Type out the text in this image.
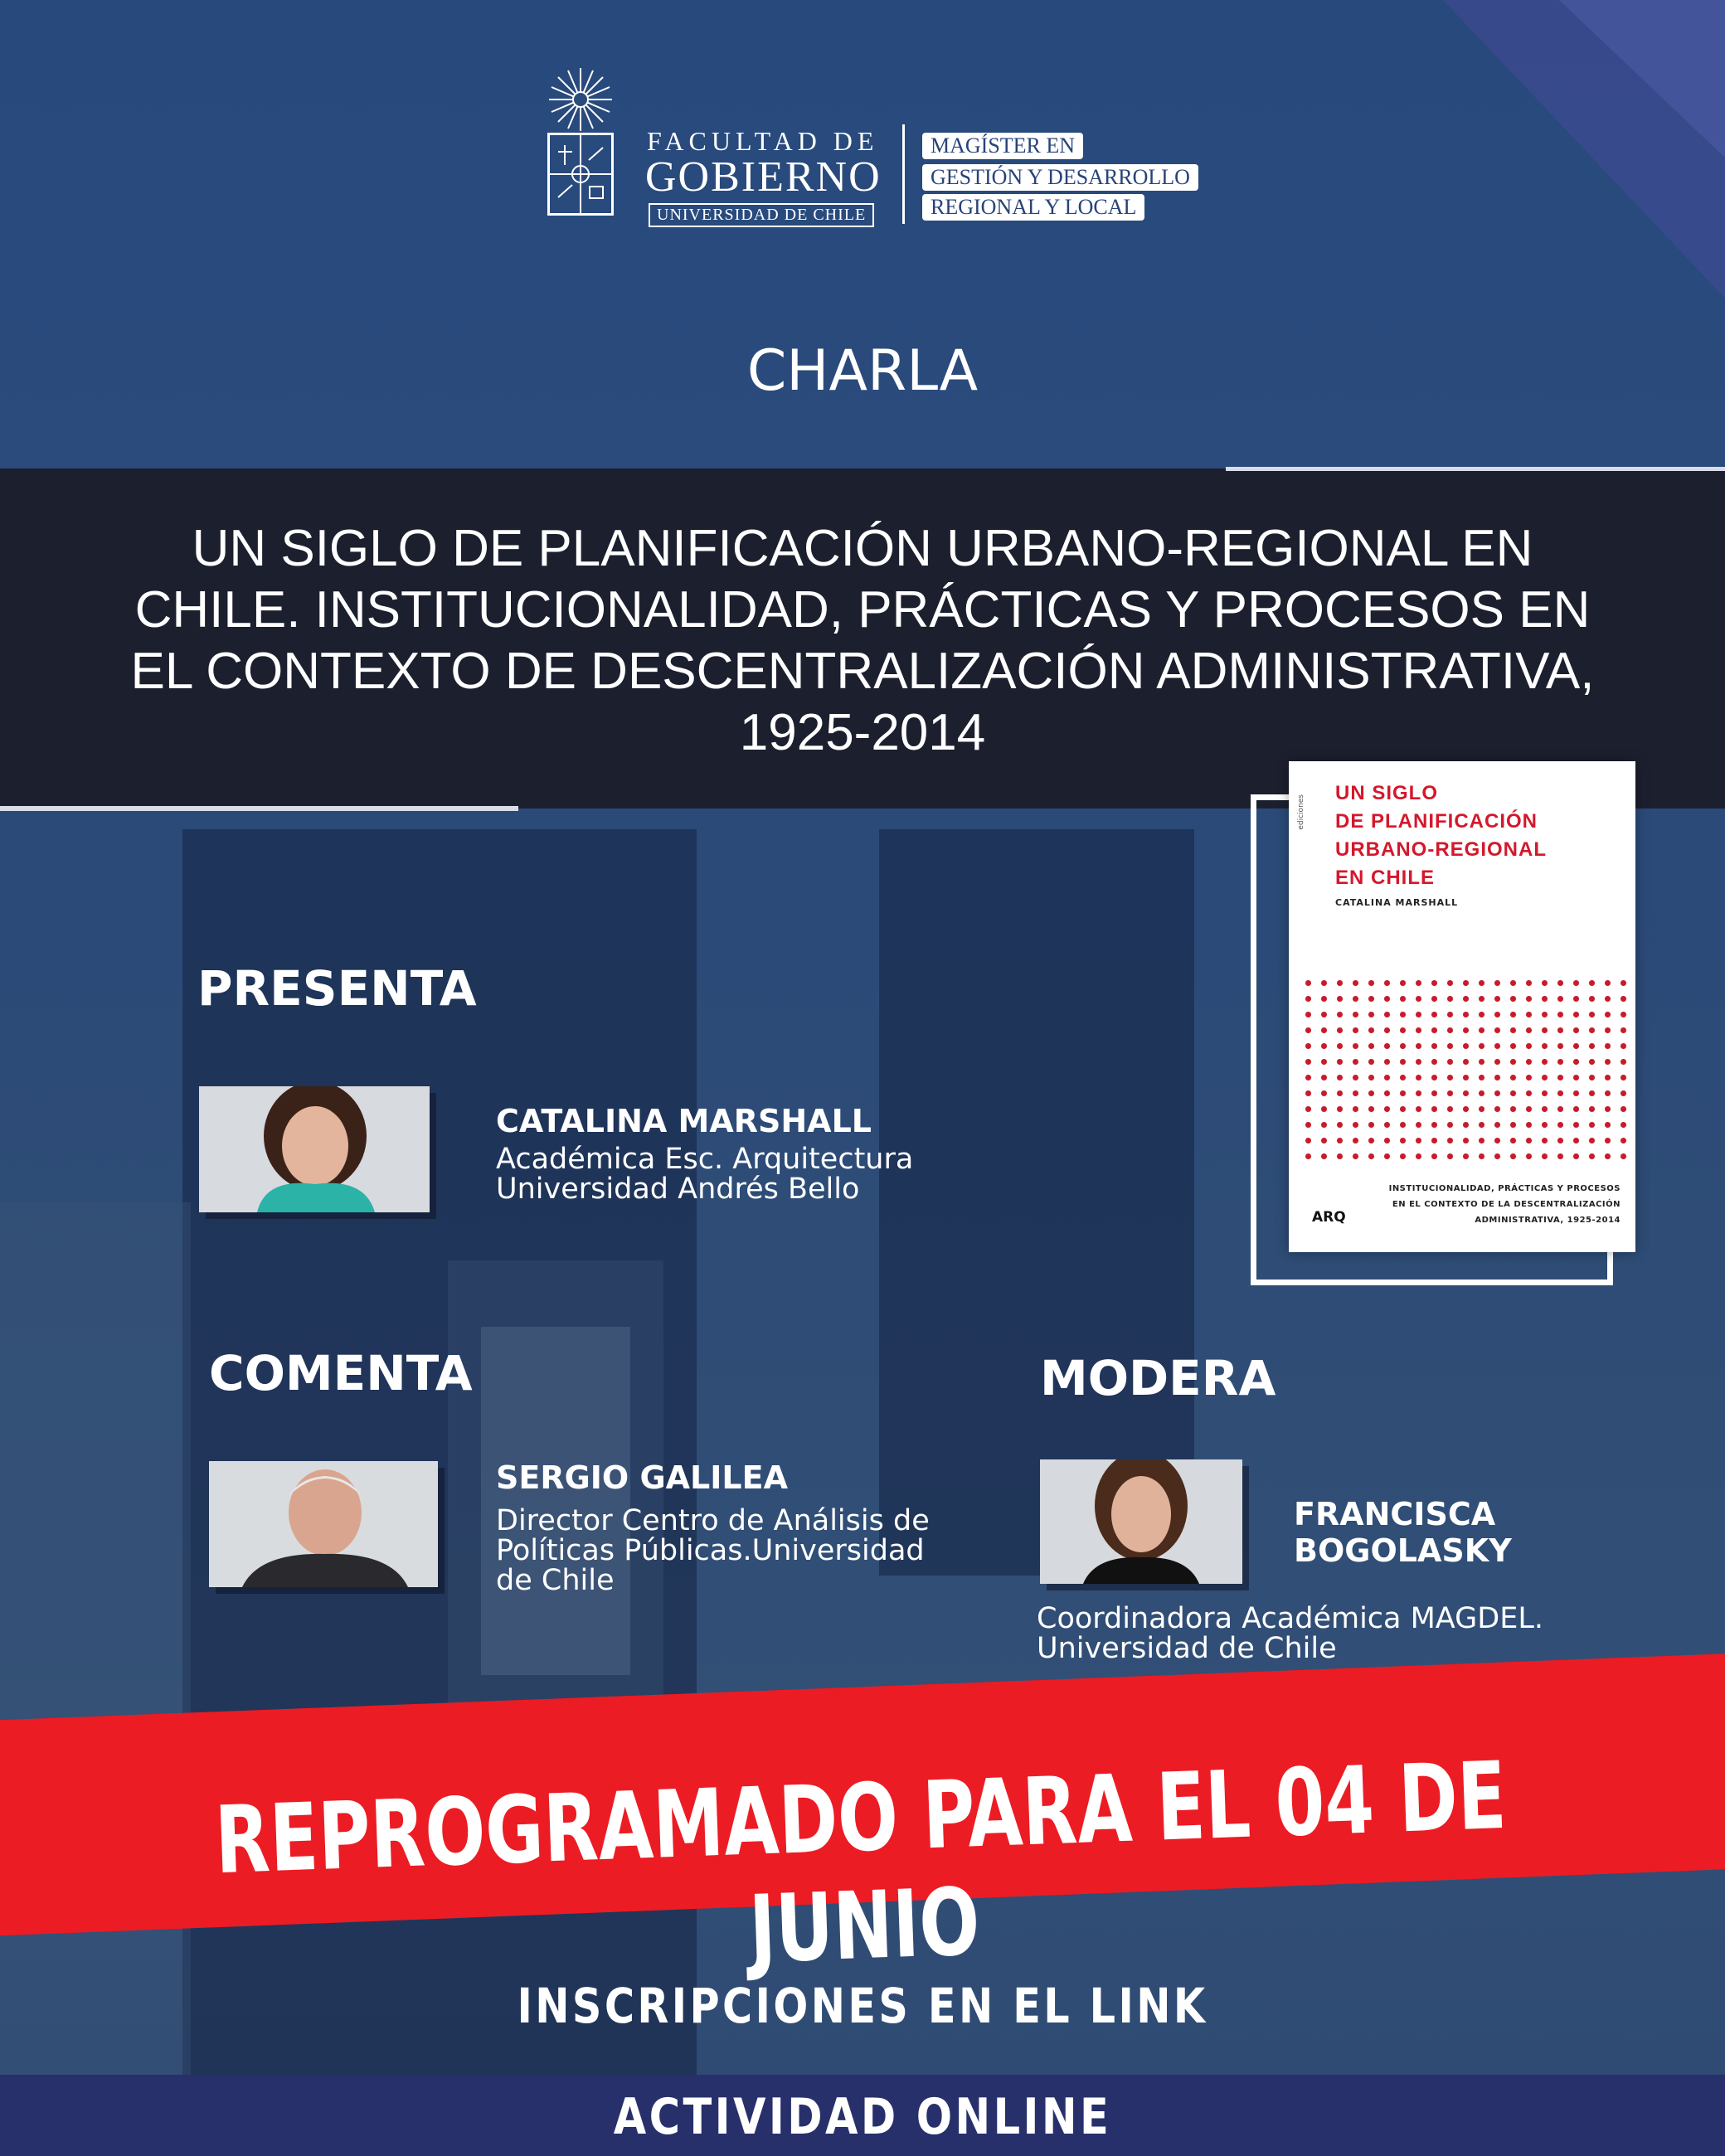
FACULTAD DE
GOBIERNO
UNIVERSIDAD DE CHILE
MAGÍSTER EN
GESTIÓN Y DESARROLLO
REGIONAL Y LOCAL
CHARLA
UN SIGLO DE PLANIFICACIÓN URBANO-REGIONAL EN CHILE. INSTITUCIONALIDAD, PRÁCTICAS Y PROCESOS EN EL CONTEXTO DE DESCENTRALIZACIÓN ADMINISTRATIVA, 1925-2014
ediciones
UN SIGLO
DE PLANIFICACIÓN
URBANO-REGIONAL
EN CHILE
CATALINA MARSHALL
INSTITUCIONALIDAD, PRÁCTICAS Y PROCESOS
EN EL CONTEXTO DE LA DESCENTRALIZACIÓN
ADMINISTRATIVA, 1925-2014
ARQ
PRESENTA
CATALINA MARSHALL
Académica Esc. Arquitectura
Universidad Andrés Bello
COMENTA
SERGIO GALILEA
Director Centro de Análisis de
Políticas Públicas.Universidad
de Chile
MODERA
FRANCISCA
BOGOLASKY
Coordinadora Académica MAGDEL.
Universidad de Chile
REPROGRAMADO PARA EL 04 DE JUNIO
INSCRIPCIONES EN EL LINK
ACTIVIDAD ONLINE
